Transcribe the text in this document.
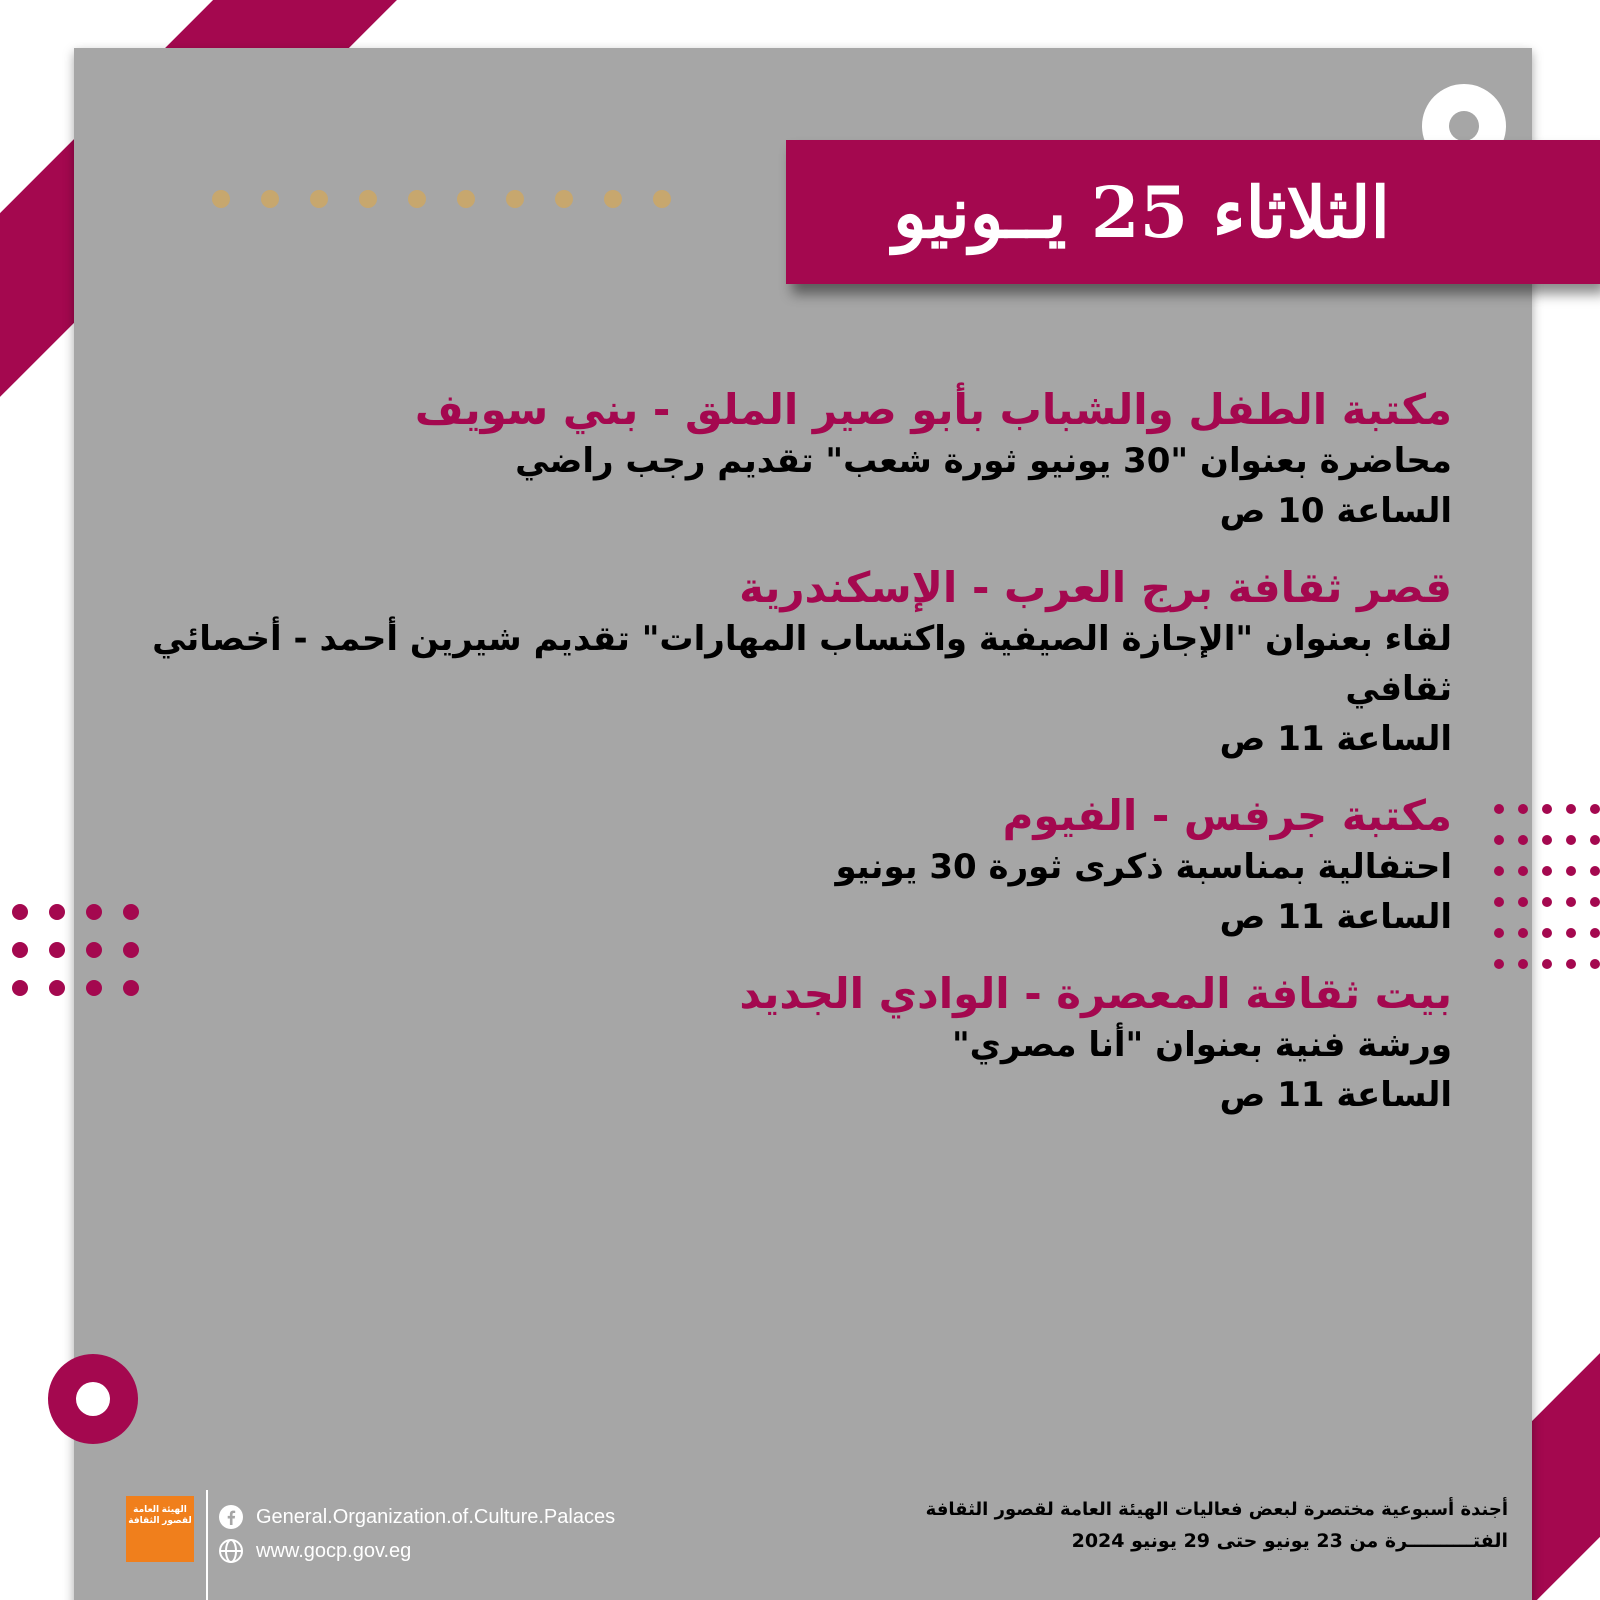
الثلاثاء 25 يــونيو
مكتبة الطفل والشباب بأبو صير الملق - بني سويف
محاضرة بعنوان "30 يونيو ثورة شعب" تقديم رجب راضي
الساعة 10 ص
قصر ثقافة برج العرب - الإسكندرية
لقاء بعنوان "الإجازة الصيفية واكتساب المهارات" تقديم شيرين أحمد - أخصائي ثقافي
الساعة 11 ص
مكتبة جرفس - الفيوم
احتفالية بمناسبة ذكرى ثورة 30 يونيو
الساعة 11 ص
بيت ثقافة المعصرة - الوادي الجديد
ورشة فنية بعنوان "أنا مصري"
الساعة 11 ص
الهيئة العامة لقصور الثقافة	General.Organization.of.Culture.Palaces
www.gocp.gov.eg
أجندة أسبوعية مختصرة لبعض فعاليات الهيئة العامة لقصور الثقافة
الفتــــــــــرة من 23 يونيو حتى 29 يونيو 2024
